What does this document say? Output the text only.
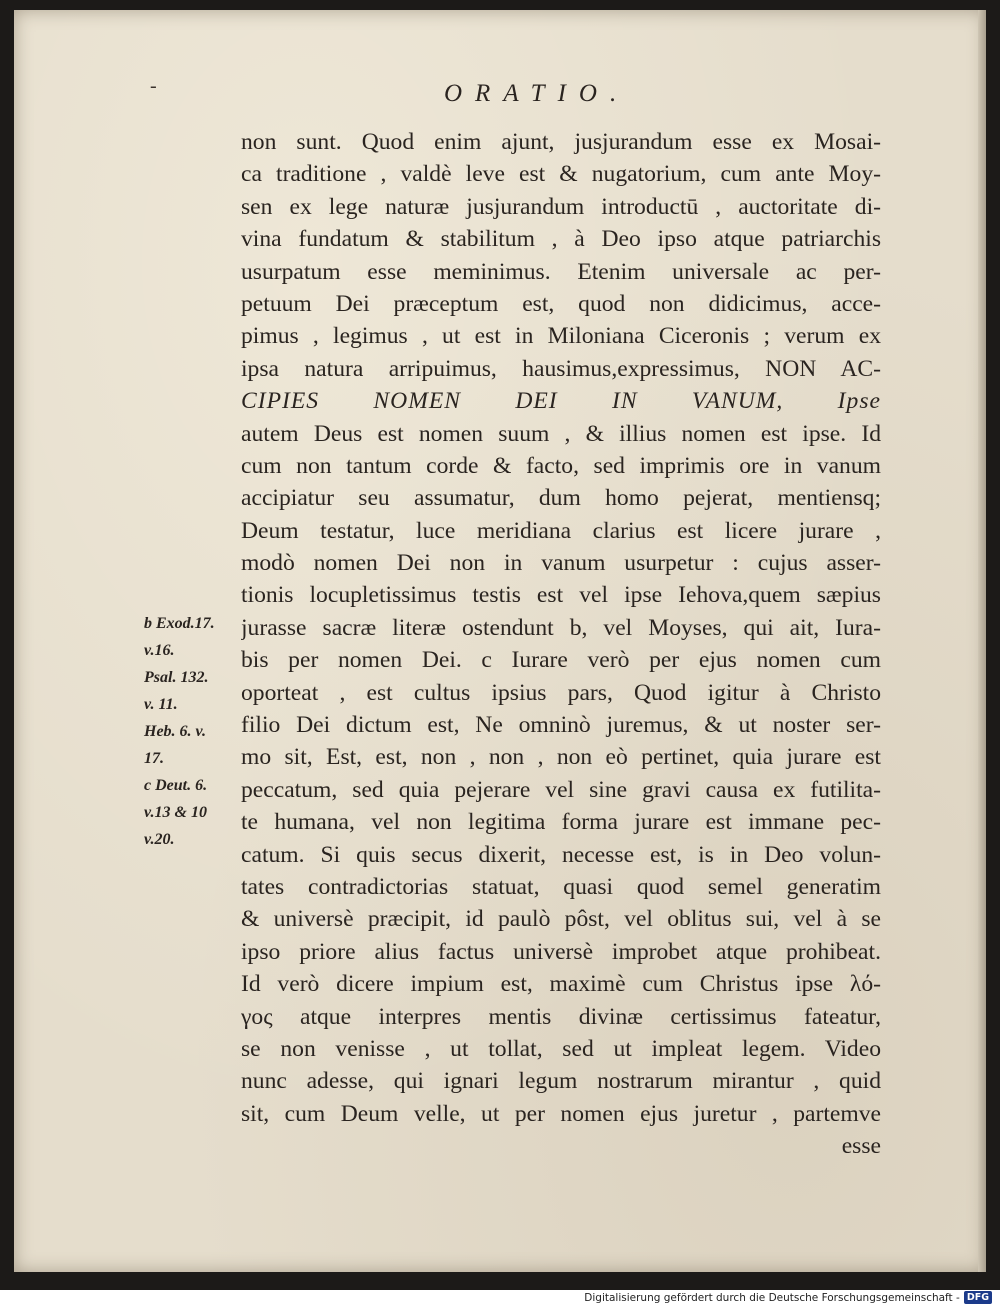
-	ORATIO.
non sunt. Quod enim ajunt, jusjurandum esse ex Mosai-
ca traditione , valdè leve est & nugatorium, cum ante Moy-
sen ex lege naturæ jusjurandum introductū , auctoritate di-
vina fundatum & stabilitum , à Deo ipso atque patriarchis
usurpatum esse meminimus. Etenim universale ac per-
petuum Dei præceptum est, quod non didicimus, acce-
pimus , legimus , ut est in Miloniana Ciceronis ; verum ex
ipsa natura arripuimus, hausimus,expressimus, NON AC-
CIPIES NOMEN DEI IN VANUM, Ipse
autem Deus est nomen suum , & illius nomen est ipse. Id
cum non tantum corde & facto, sed imprimis ore in vanum
accipiatur seu assumatur, dum homo pejerat, mentiensq;
Deum testatur, luce meridiana clarius est licere jurare ,
modò nomen Dei non in vanum usurpetur : cujus asser-
tionis locupletissimus testis est vel ipse Iehova,quem sæpius
jurasse sacræ literæ ostendunt b, vel Moyses, qui ait, Iura-
bis per nomen Dei. c Iurare verò per ejus nomen cum
oporteat , est cultus ipsius pars, Quod igitur à Christo
filio Dei dictum est, Ne omninò juremus, & ut noster ser-
mo sit, Est, est, non , non , non eò pertinet, quia jurare est
peccatum, sed quia pejerare vel sine gravi causa ex futilita-
te humana, vel non legitima forma jurare est immane pec-
catum. Si quis secus dixerit, necesse est, is in Deo volun-
tates contradictorias statuat, quasi quod semel generatim
& universè præcipit, id paulò pôst, vel oblitus sui, vel à se
ipso priore alius factus universè improbet atque prohibeat.
Id verò dicere impium est, maximè cum Christus ipse λό-
γος atque interpres mentis divinæ certissimus fateatur,
se non venisse , ut tollat, sed ut impleat legem. Video
nunc adesse, qui ignari legum nostrarum mirantur , quid
sit, cum Deum velle, ut per nomen ejus juretur , partemve
esse
b Exod.17.
v.16.
Psal. 132.
v. 11.
Heb. 6. v.
17.
c Deut. 6.
v.13 & 10
v.20.
Digitalisierung gefördert durch die Deutsche Forschungsgemeinschaft - DFG
